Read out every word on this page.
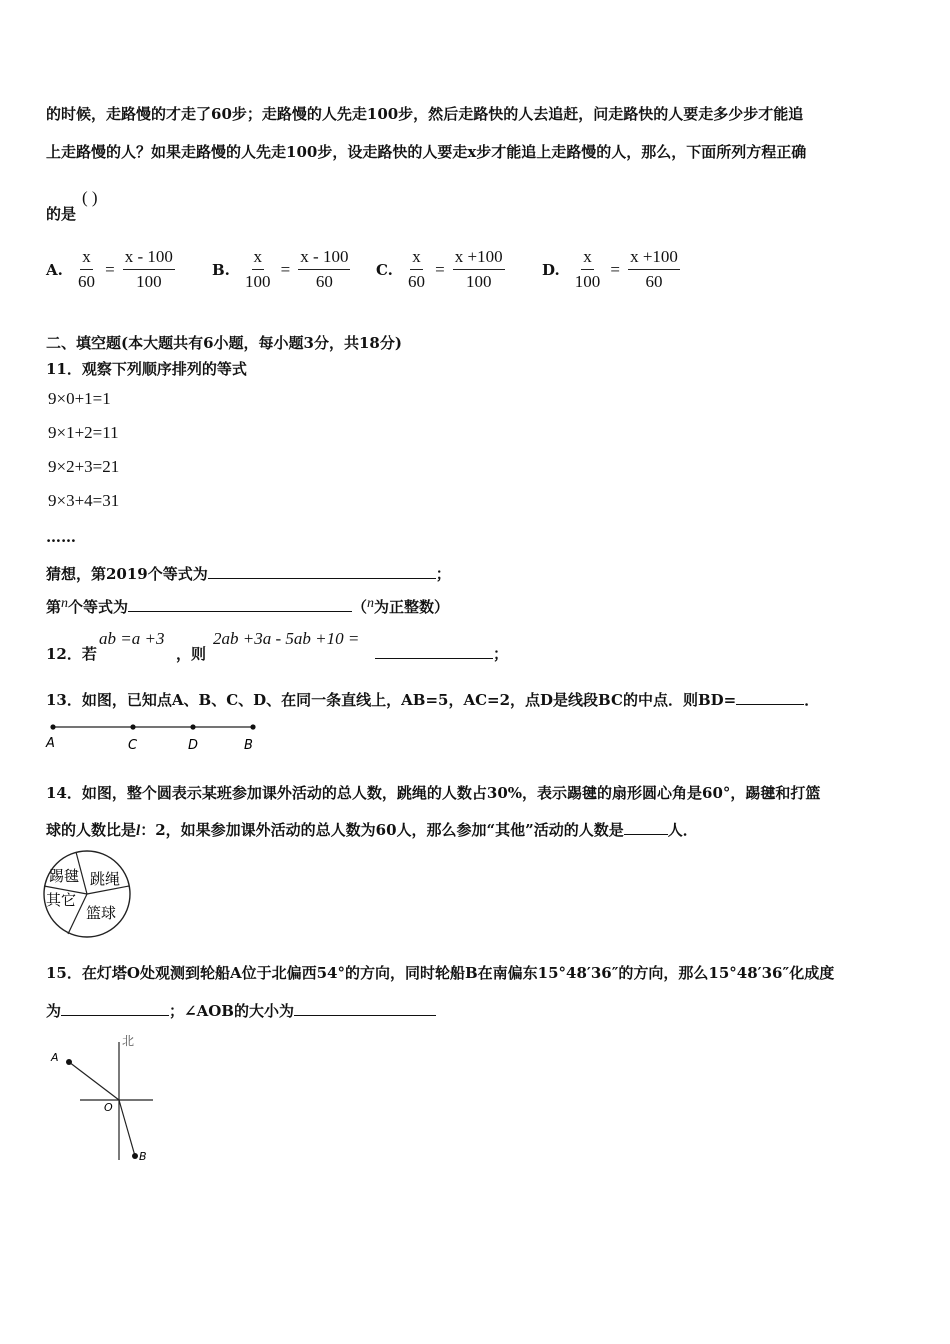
的时候，走路慢的才走了60步；走路慢的人先走100步，然后走路快的人去追赶，问走路快的人要走多少步才能追
上走路慢的人？如果走路慢的人先走100步，设走路快的人要走x步才能追上走路慢的人，那么，下面所列方程正确
的是
( )
A. $\frac{x}{60} = \frac{x - 100}{100} B$. $\frac{x}{100} = \frac{x - 100}{60} C$. $\frac{x}{60} = \frac{x +100}{100} D$. $\frac{x}{100} = \frac{x +100}{60}$
二、填空题(本大题共有6小题，每小题3分，共18分)
11．观察下列顺序排列的等式
9×0+1=1
9×1+2=11
9×2+3=21
9×3+4=31
……
猜想，第2019个等式为	；
第n个等式为	（n为正整数）
12．若
ab =a +3
，则
2ab +3a - 5ab +10 =
；
13．如图，已知点A、B、C、D、在同一条直线上，AB=5，AC=2，点D是线段BC的中点．则BD=	．
A	C	D	B
14．如图，整个圆表示某班参加课外活动的总人数，跳绳的人数占30%，表示踢毽的扇形圆心角是60°，踢毽和打篮
球的人数比是l：2，如果参加课外活动的总人数为60人，那么参加“其他”活动的人数是	人．
踢毽 跳绳
其它
篮球
15．在灯塔O处观测到轮船A位于北偏西54°的方向，同时轮船B在南偏东15°48′36″的方向，那么15°48′36″化成度
为	；∠AOB的大小为
北
A
O
B
